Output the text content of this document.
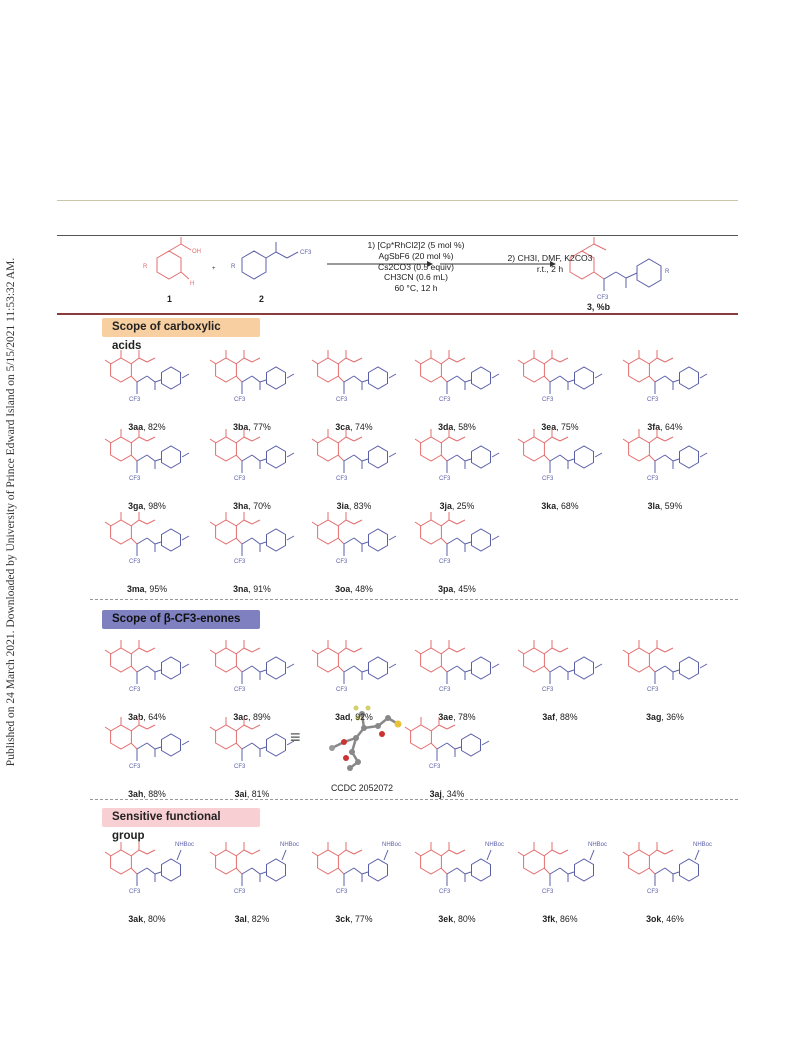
Published on 24 March 2021. Downloaded by University of Prince Edward Island on 5/15/2021 11:53:32 AM.	R
OH
H
+	R
CF3
R
CF3
1) [Cp*RhCl2]2 (5 mol %)
AgSbF6 (20 mol %)
Cs2CO3 (0.5 equiv)
CH3CN (0.6 mL)
60 °C, 12 h
2) CH3I, DMF, K2CO3
r.t., 2 h
1	2
3, %b
Scope of carboxylic acids
Scope of β-CF3-enones
Sensitive functional group
≡
CF3
3aa, 82%
CF3
3ba, 77%
CF3
3ca, 74%
CF3
3da, 58%
CF3
3ea, 75%
CF3
3fa, 64%
CF3
3ga, 98%
CF3
3ha, 70%
CF3
3ia, 83%
CF3
3ja, 25%
CF3
3ka, 68%
CF3
3la, 59%
CF3
3ma, 95%
CF3
3na, 91%
CF3
3oa, 48%
CF3
3pa, 45%
CF3
3ab, 64%
CF3
3ac, 89%
CF3
3ad, 92%
CF3
3ae, 78%
CF3
3af, 88%
CF3
3ag, 36%
CF3
3ah, 88%
CF3
3ai, 81%
CCDC 2052072
CF3
3aj, 34%
CF3
NHBoc
3ak, 80%
CF3
NHBoc
3al, 82%
CF3
NHBoc
3ck, 77%
CF3
NHBoc
3ek, 80%
CF3
NHBoc
3fk, 86%
CF3
NHBoc
3ok, 46%
